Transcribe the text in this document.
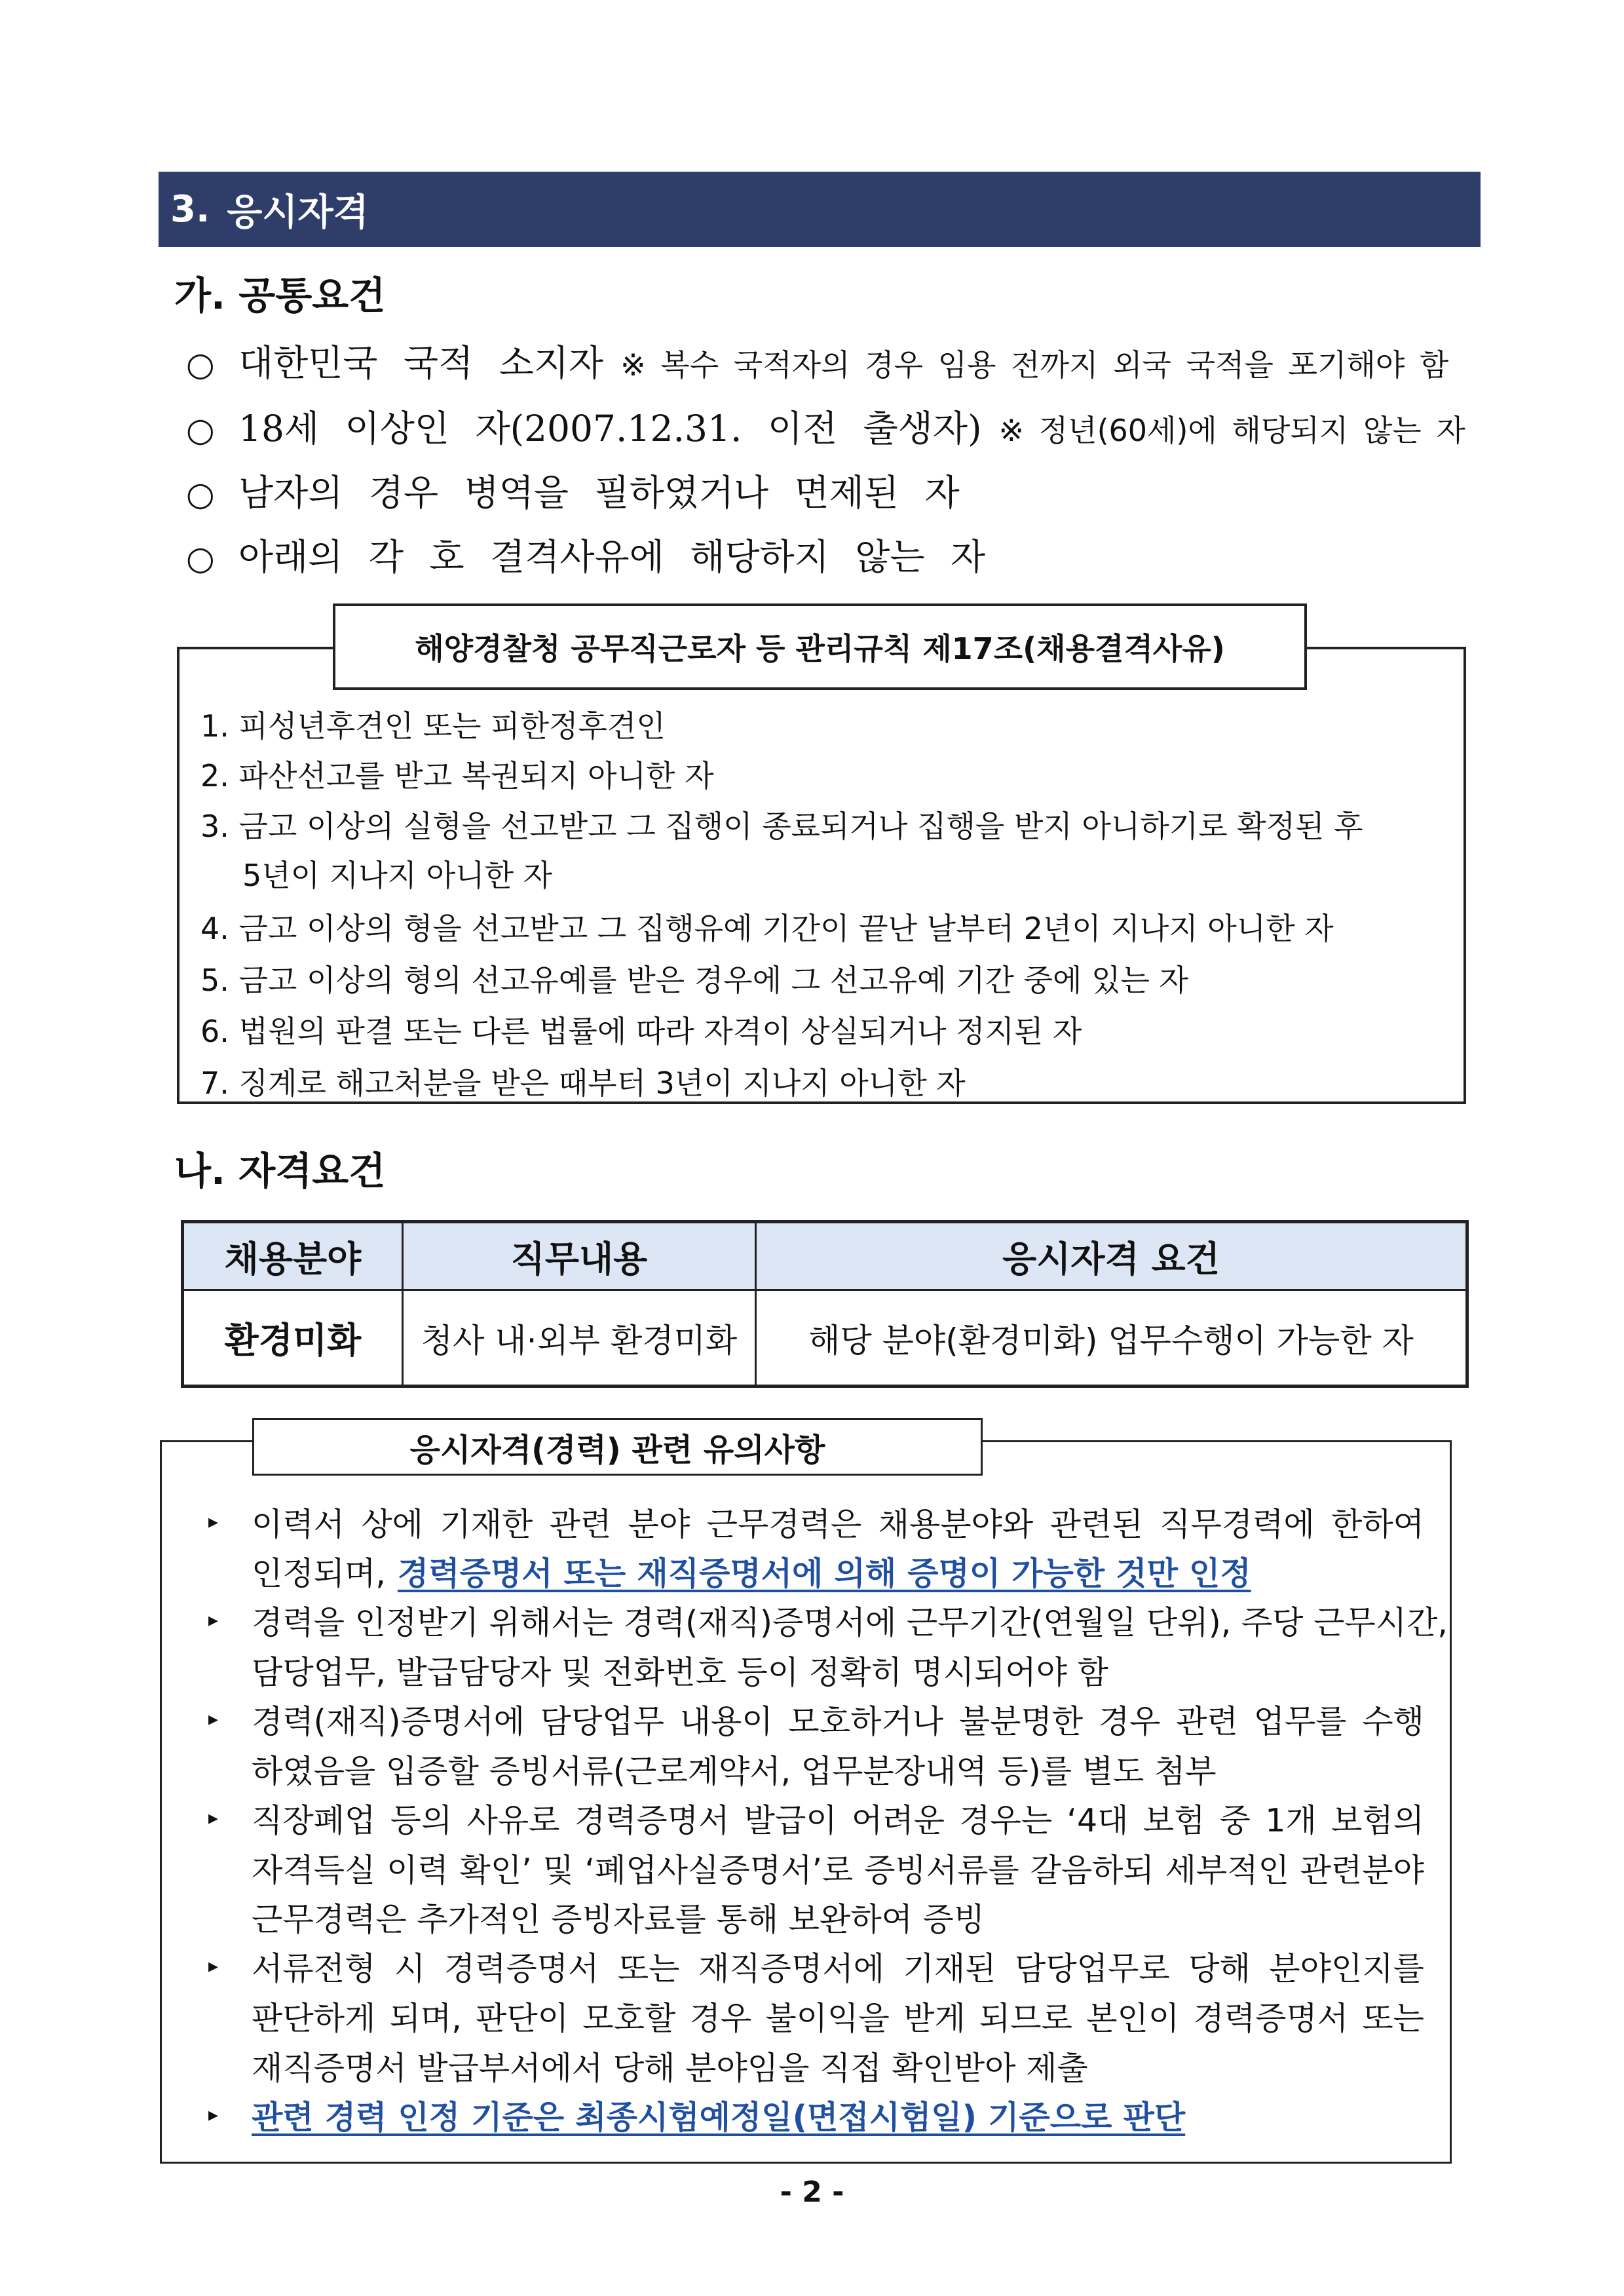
3. 응시자격
가. 공통요건
○ 대한민국 국적 소지자 ※ 복수 국적자의 경우 임용 전까지 외국 국적을 포기해야 함
○ 18세 이상인 자(2007.12.31. 이전 출생자) ※ 정년(60세)에 해당되지 않는 자
○ 남자의 경우 병역을 필하였거나 면제된 자
○ 아래의 각 호 결격사유에 해당하지 않는 자
해양경찰청 공무직근로자 등 관리규칙 제17조(채용결격사유)
1. 피성년후견인 또는 피한정후견인
2. 파산선고를 받고 복권되지 아니한 자
3. 금고 이상의 실형을 선고받고 그 집행이 종료되거나 집행을 받지 아니하기로 확정된 후
5년이 지나지 아니한 자
4. 금고 이상의 형을 선고받고 그 집행유예 기간이 끝난 날부터 2년이 지나지 아니한 자
5. 금고 이상의 형의 선고유예를 받은 경우에 그 선고유예 기간 중에 있는 자
6. 법원의 판결 또는 다른 법률에 따라 자격이 상실되거나 정지된 자
7. 징계로 해고처분을 받은 때부터 3년이 지나지 아니한 자
나. 자격요건
채용분야	직무내용	응시자격 요건
환경미화	청사 내·외부 환경미화	해당 분야(환경미화) 업무수행이 가능한 자
응시자격(경력) 관련 유의사항
▸ 이력서 상에 기재한 관련 분야 근무경력은 채용분야와 관련된 직무경력에 한하여
인정되며, 경력증명서 또는 재직증명서에 의해 증명이 가능한 것만 인정
▸ 경력을 인정받기 위해서는 경력(재직)증명서에 근무기간(연월일 단위), 주당 근무시간,
담당업무, 발급담당자 및 전화번호 등이 정확히 명시되어야 함
▸ 경력(재직)증명서에 담당업무 내용이 모호하거나 불분명한 경우 관련 업무를 수행
하였음을 입증할 증빙서류(근로계약서, 업무분장내역 등)를 별도 첨부
▸ 직장폐업 등의 사유로 경력증명서 발급이 어려운 경우는 ‘4대 보험 중 1개 보험의
자격득실 이력 확인’ 및 ‘폐업사실증명서’로 증빙서류를 갈음하되 세부적인 관련분야
근무경력은 추가적인 증빙자료를 통해 보완하여 증빙
▸ 서류전형 시 경력증명서 또는 재직증명서에 기재된 담당업무로 당해 분야인지를
판단하게 되며, 판단이 모호할 경우 불이익을 받게 되므로 본인이 경력증명서 또는
재직증명서 발급부서에서 당해 분야임을 직접 확인받아 제출
▸ 관련 경력 인정 기준은 최종시험예정일(면접시험일) 기준으로 판단
- 2 -
